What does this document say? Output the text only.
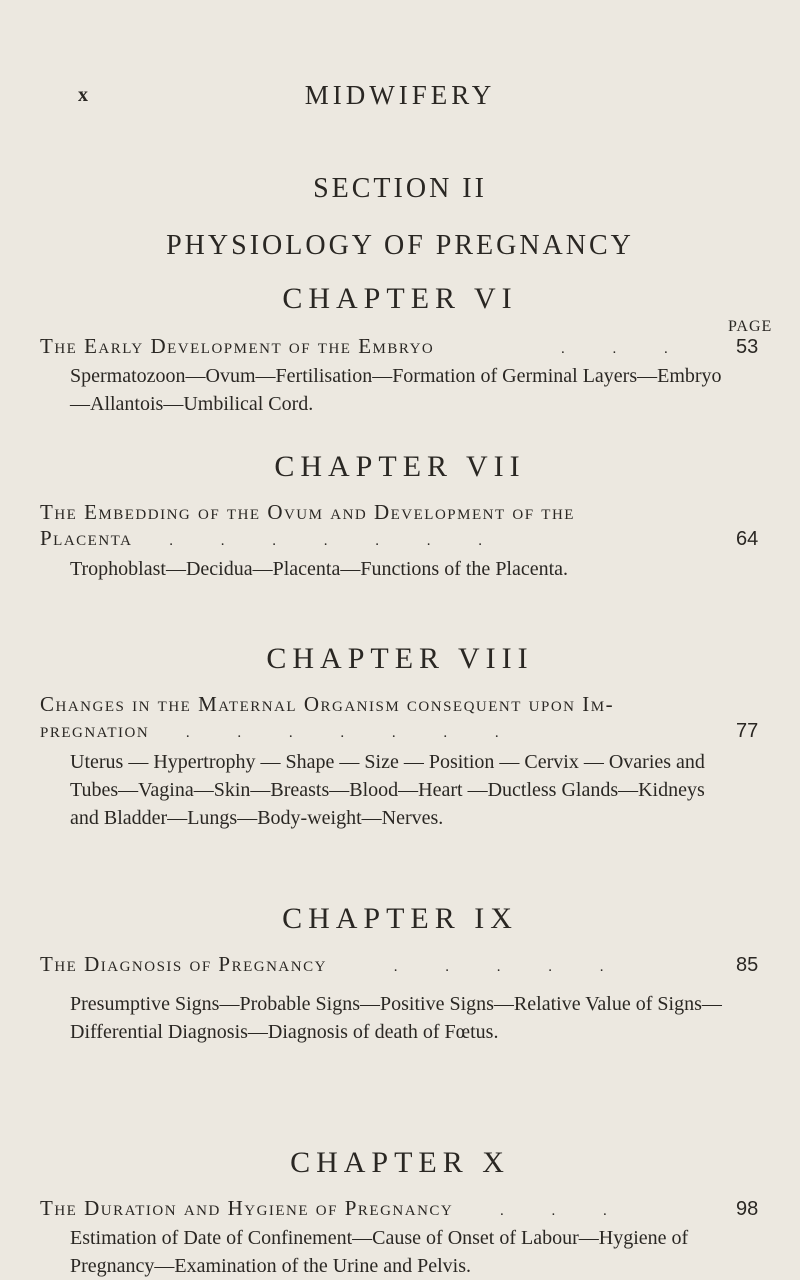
x	MIDWIFERY
SECTION II
PHYSIOLOGY OF PREGNANCY
PAGE
CHAPTER VI
The Early Development of the Embryo	. . . 53
Spermatozoon—Ovum—Fertilisation—Formation of Germinal Layers—Embryo—Allantois—Umbilical Cord.
CHAPTER VII
The Embedding of the Ovum and Development of the
Placenta . . . . . . .	64
Trophoblast—Decidua—Placenta—Functions of the Placenta.
CHAPTER VIII
Changes in the Maternal Organism consequent upon Im-
pregnation . . . . . . .	77
Uterus — Hypertrophy — Shape — Size — Position — Cervix — Ovaries and Tubes—Vagina—Skin—Breasts—Blood—Heart —Ductless Glands—Kidneys and Bladder—Lungs—Body-weight—Nerves.
CHAPTER IX
The Diagnosis of Pregnancy	. . . . .	85
Presumptive Signs—Probable Signs—Positive Signs—Relative Value of Signs—Differential Diagnosis—Diagnosis of death of Fœtus.
CHAPTER X
The Duration and Hygiene of Pregnancy	. . .	98
Estimation of Date of Confinement—Cause of Onset of Labour—Hygiene of Pregnancy—Examination of the Urine and Pelvis.
